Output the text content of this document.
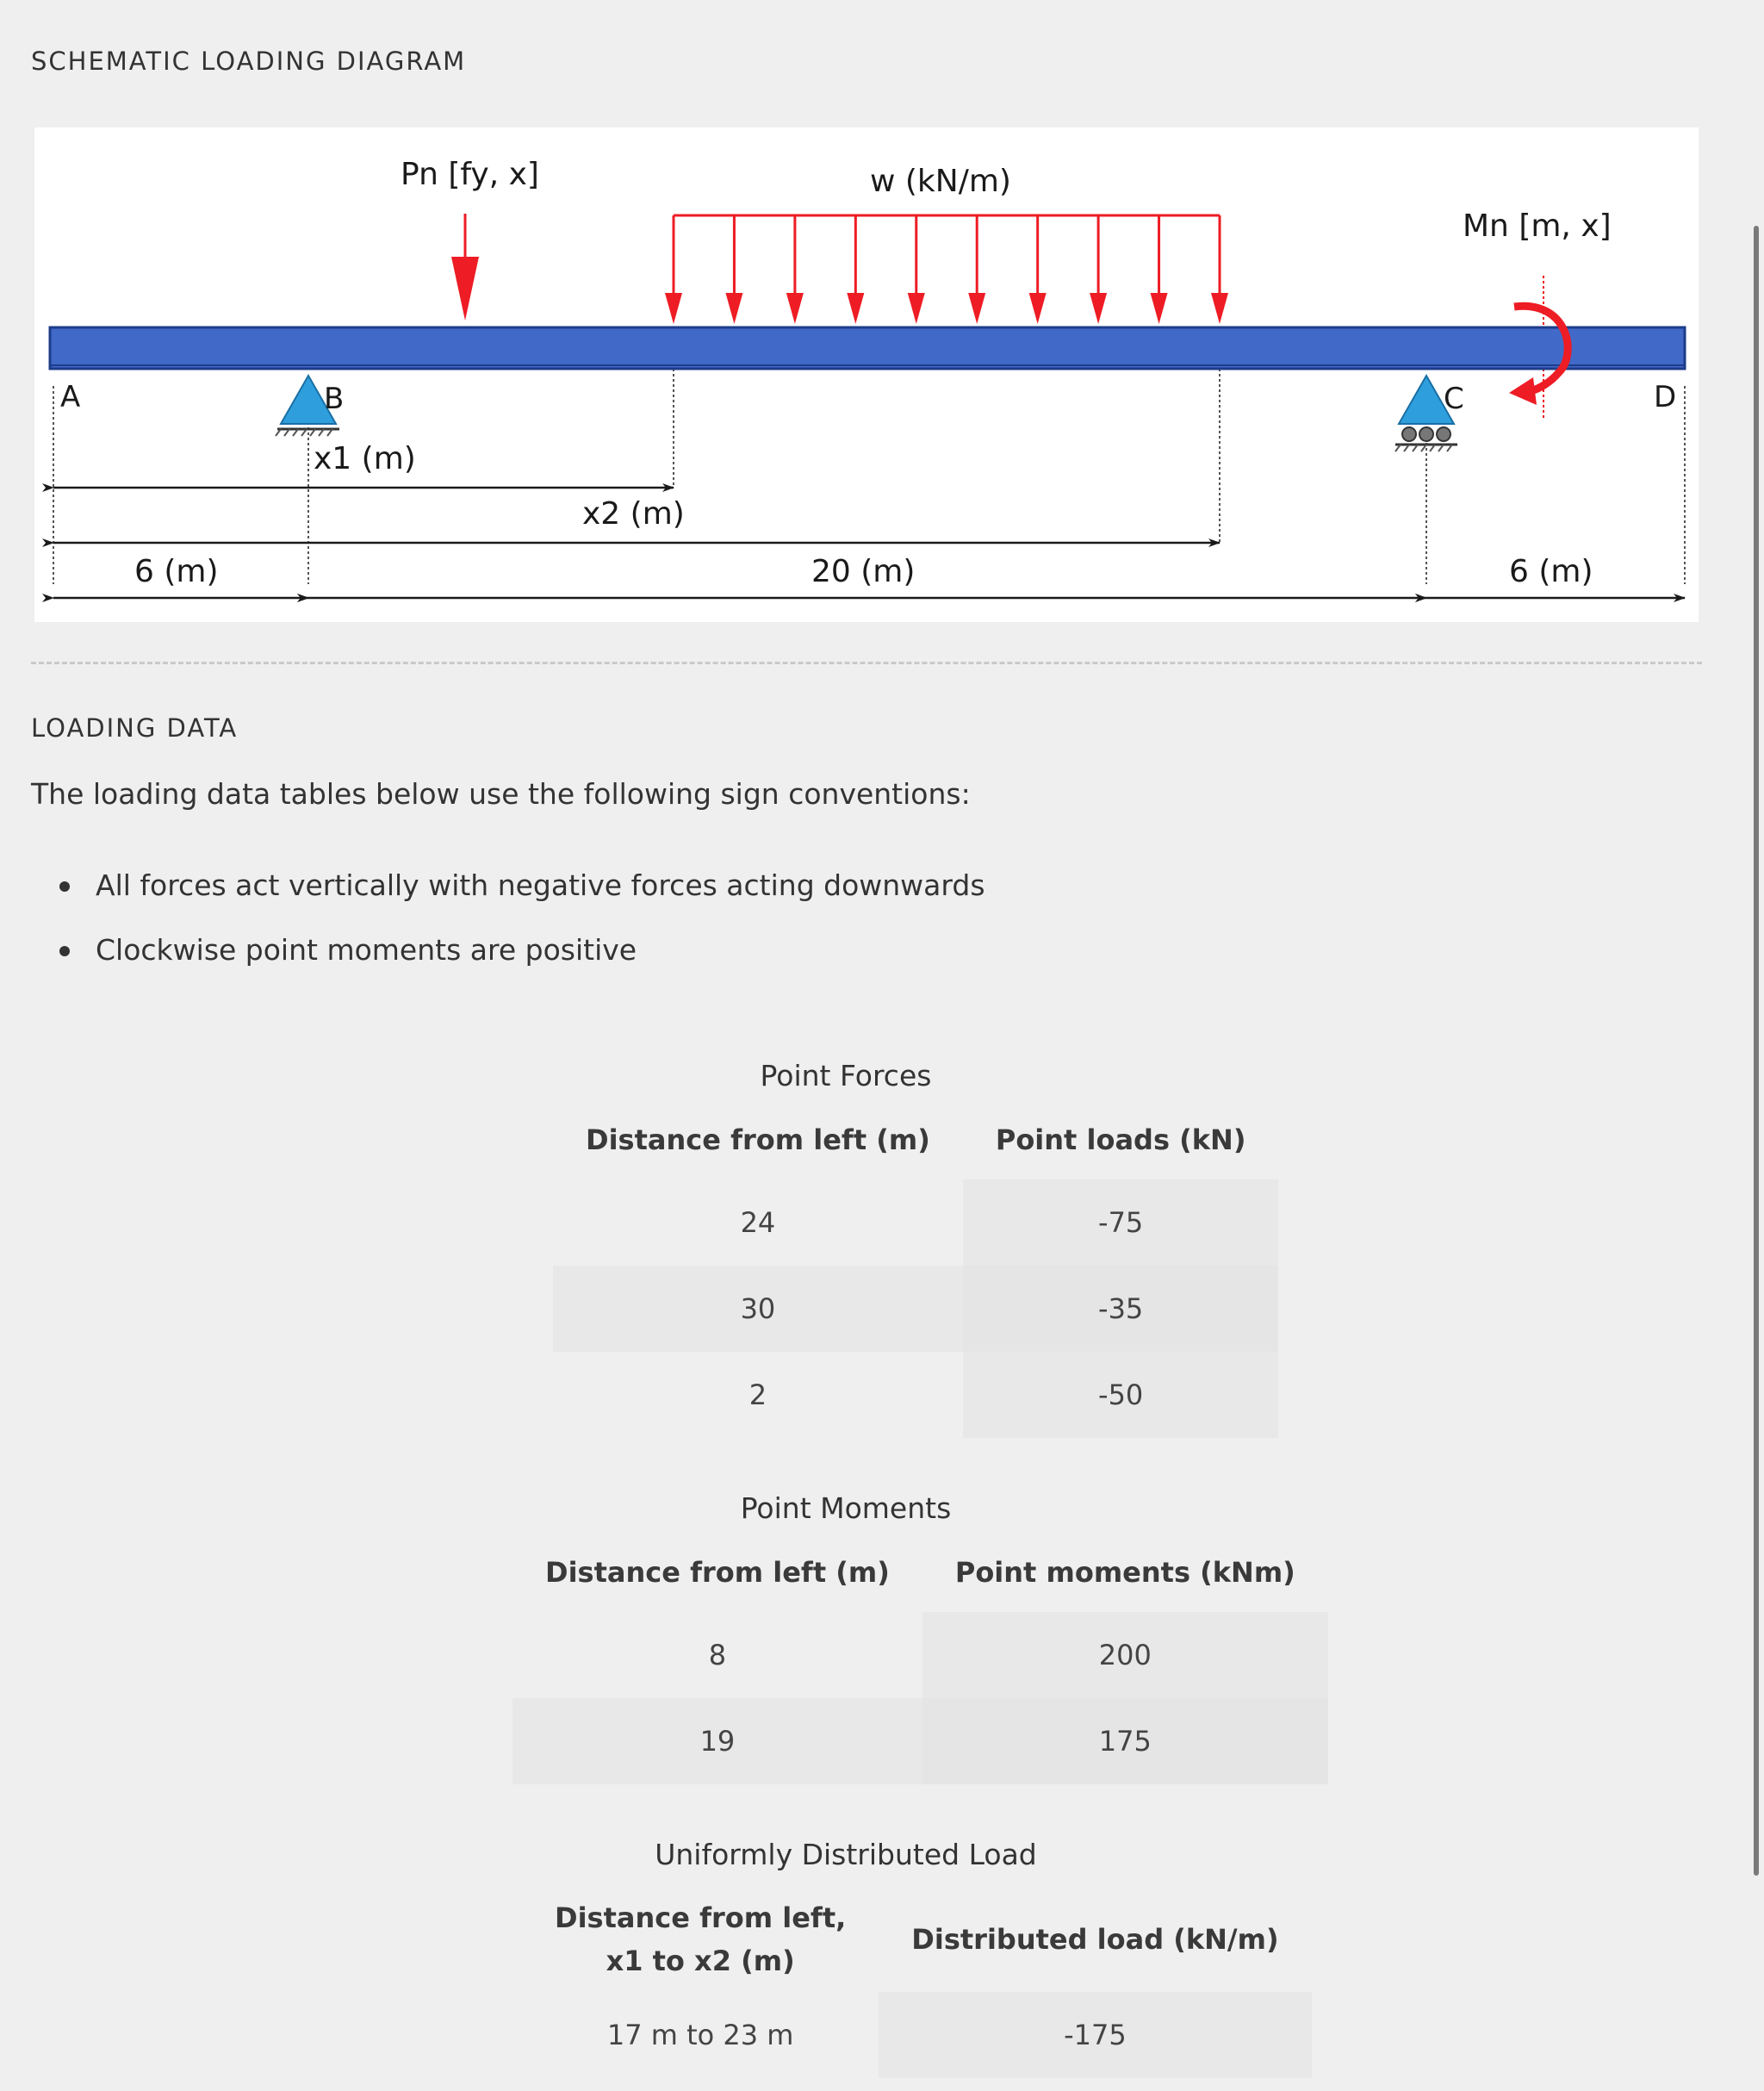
SCHEMATIC LOADING DIAGRAM
Pn [fy, x]	w (kN/m)
Mn [m, x]
A	B	C	D
x1 (m)
x2 (m)
6 (m)	20 (m)	6 (m)
LOADING DATA
The loading data tables below use the following sign conventions:
All forces act vertically with negative forces acting downwards
Clockwise point moments are positive
Point Forces
Distance from left (m)	Point loads (kN)
24	-75
30	-35
2	-50
Point Moments
Distance from left (m)	Point moments (kNm)
8	200
19	175
Uniformly Distributed Load
Distance from left,
x1 to x2 (m)	Distributed load (kN/m)
17 m to 23 m	-175
